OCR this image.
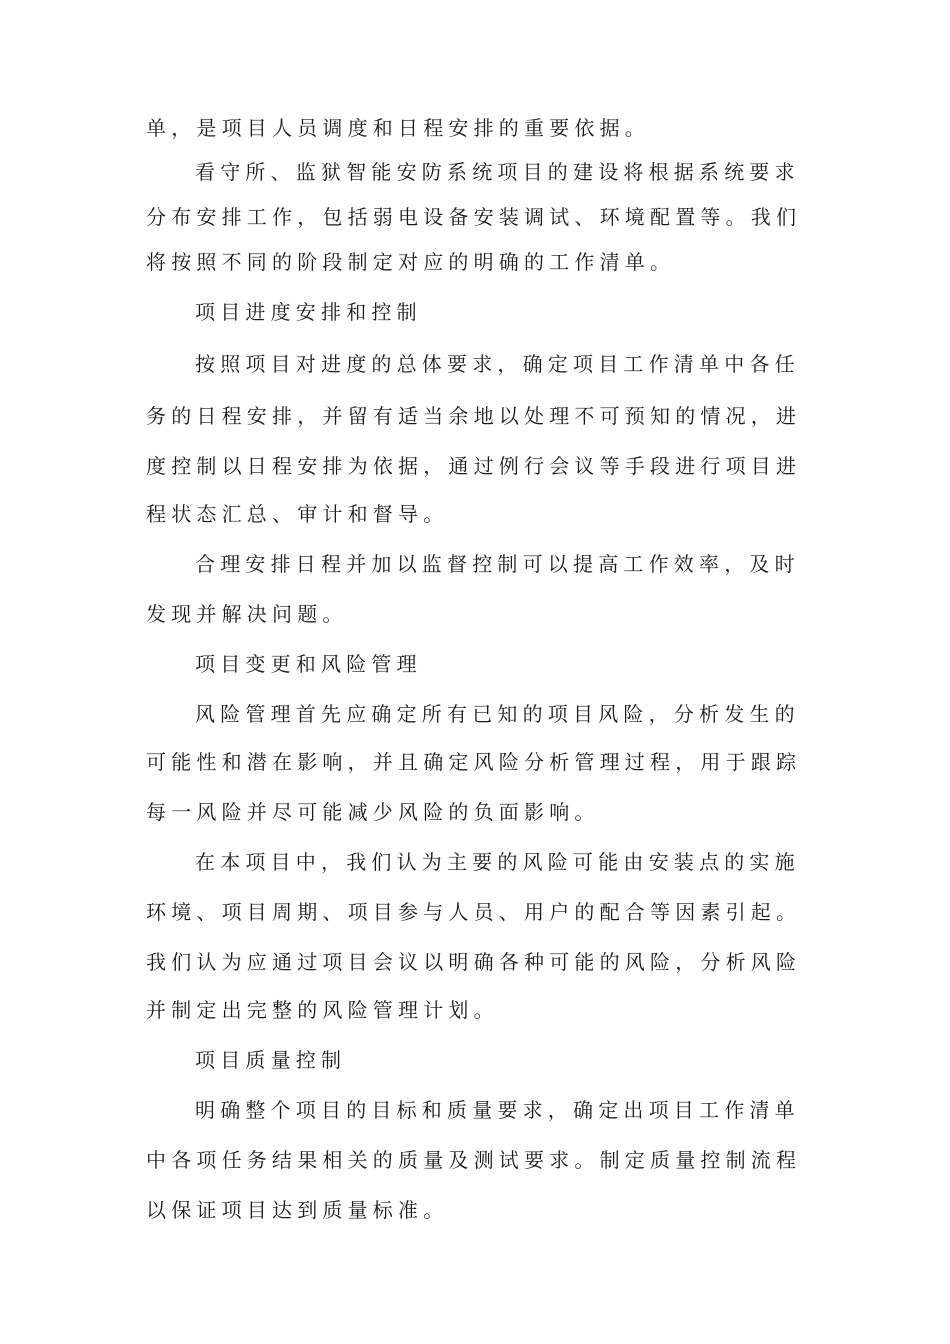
单，是项目人员调度和日程安排的重要依据。
看守所、监狱智能安防系统项目的建设将根据系统要求
分布安排工作，包括弱电设备安装调试、环境配置等。我们
将按照不同的阶段制定对应的明确的工作清单。
项目进度安排和控制
按照项目对进度的总体要求，确定项目工作清单中各任
务的日程安排，并留有适当余地以处理不可预知的情况，进
度控制以日程安排为依据，通过例行会议等手段进行项目进
程状态汇总、审计和督导。
合理安排日程并加以监督控制可以提高工作效率，及时
发现并解决问题。
项目变更和风险管理
风险管理首先应确定所有已知的项目风险，分析发生的
可能性和潜在影响，并且确定风险分析管理过程，用于跟踪
每一风险并尽可能减少风险的负面影响。
在本项目中，我们认为主要的风险可能由安装点的实施
环境、项目周期、项目参与人员、用户的配合等因素引起。
我们认为应通过项目会议以明确各种可能的风险，分析风险
并制定出完整的风险管理计划。
项目质量控制
明确整个项目的目标和质量要求，确定出项目工作清单
中各项任务结果相关的质量及测试要求。制定质量控制流程
以保证项目达到质量标准。
